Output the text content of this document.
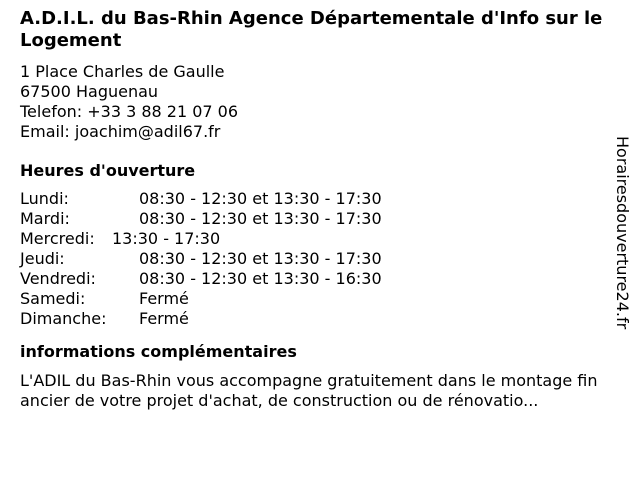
A.D.I.L. du Bas-Rhin Agence Départementale d'Info sur le Logement
1 Place Charles de Gaulle
67500 Haguenau
Telefon: +33 3 88 21 07 06
Email: joachim@adil67.fr
Heures d'ouverture
Lundi:	08:30 - 12:30 et 13:30 - 17:30
Mardi:	08:30 - 12:30 et 13:30 - 17:30
Mercredi: 13:30 - 17:30
Jeudi:	08:30 - 12:30 et 13:30 - 17:30
Vendredi:	08:30 - 12:30 et 13:30 - 16:30
Samedi:	Fermé
Dimanche: Fermé
informations complémentaires
L'ADIL du Bas-Rhin vous accompagne gratuitement dans le montage financier de votre projet d'achat, de construction ou de rénovatio...
Horairesdouverture24.fr
